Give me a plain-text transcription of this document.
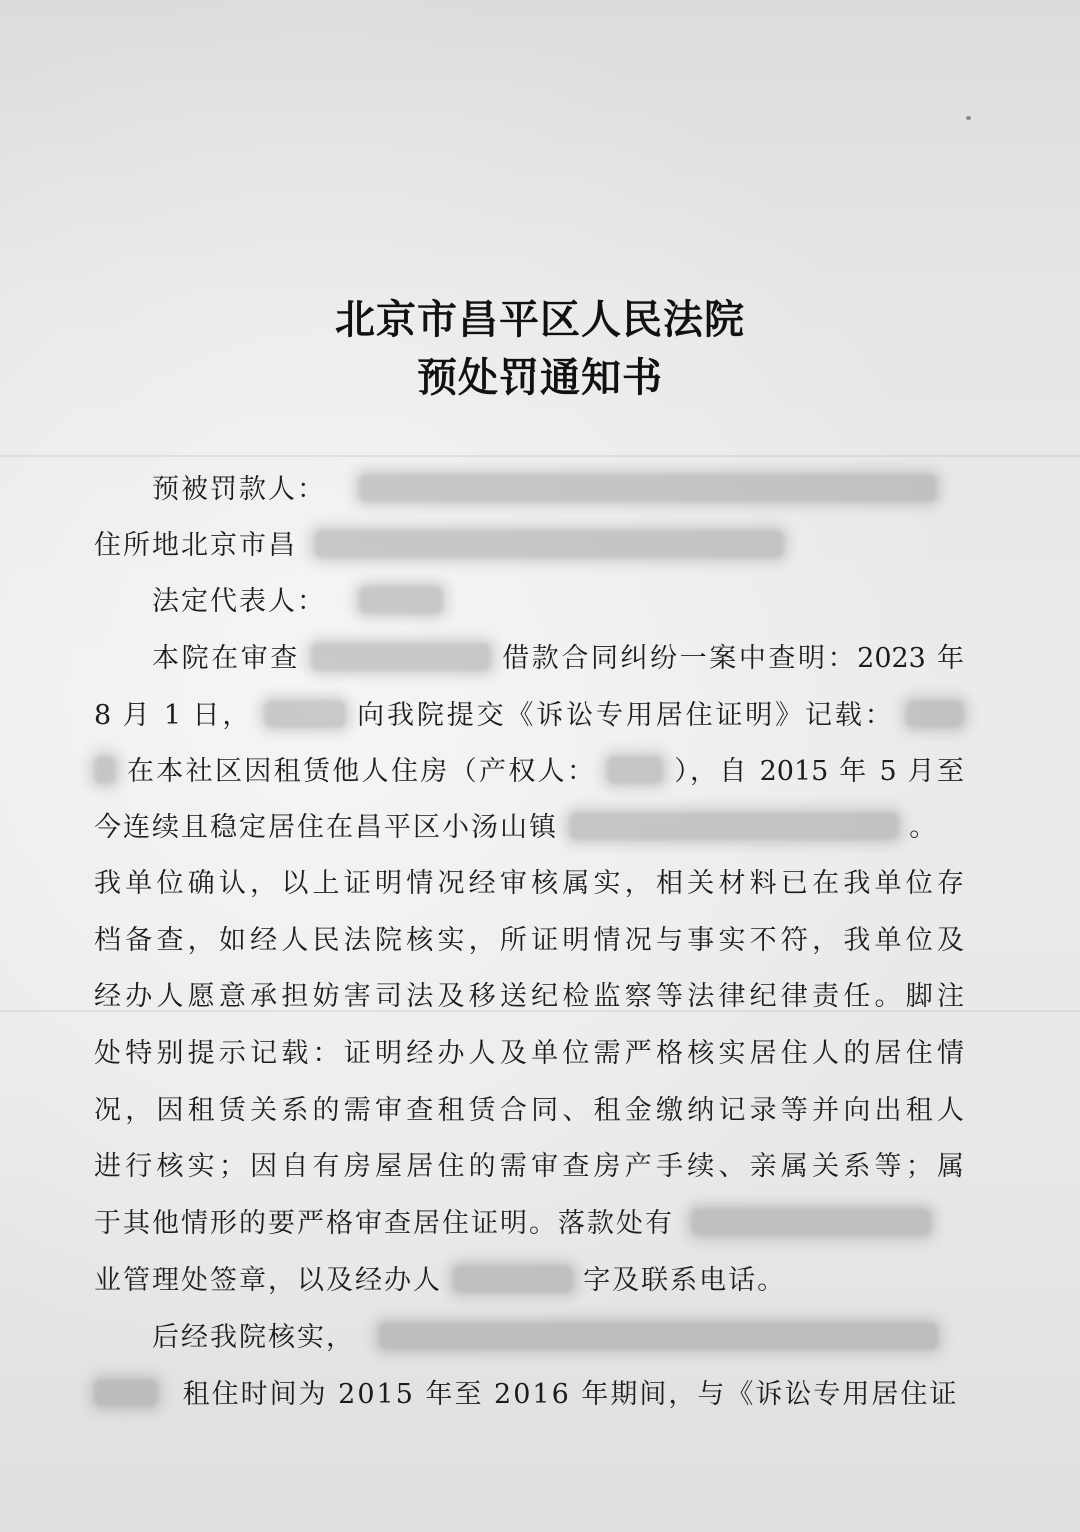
北京市昌平区人民法院
预处罚通知书
预被罚款人：
住所地北京市昌
法定代表人：
本院在审查	借款合同纠纷一案中查明：2023 年
8 月 1 日，	向我院提交《诉讼专用居住证明》记载：
在本社区因租赁他人住房（产权人：	），自 2015 年 5 月至
今连续且稳定居住在昌平区小汤山镇	。
我单位确认，以上证明情况经审核属实，相关材料已在我单位存
档备查，如经人民法院核实，所证明情况与事实不符，我单位及
经办人愿意承担妨害司法及移送纪检监察等法律纪律责任。脚注
处特别提示记载：证明经办人及单位需严格核实居住人的居住情
况，因租赁关系的需审查租赁合同、租金缴纳记录等并向出租人
进行核实；因自有房屋居住的需审查房产手续、亲属关系等；属
于其他情形的要严格审查居住证明。落款处有
业管理处签章，以及经办人	字及联系电话。
后经我院核实，
租住时间为 2015 年至 2016 年期间，与《诉讼专用居住证
